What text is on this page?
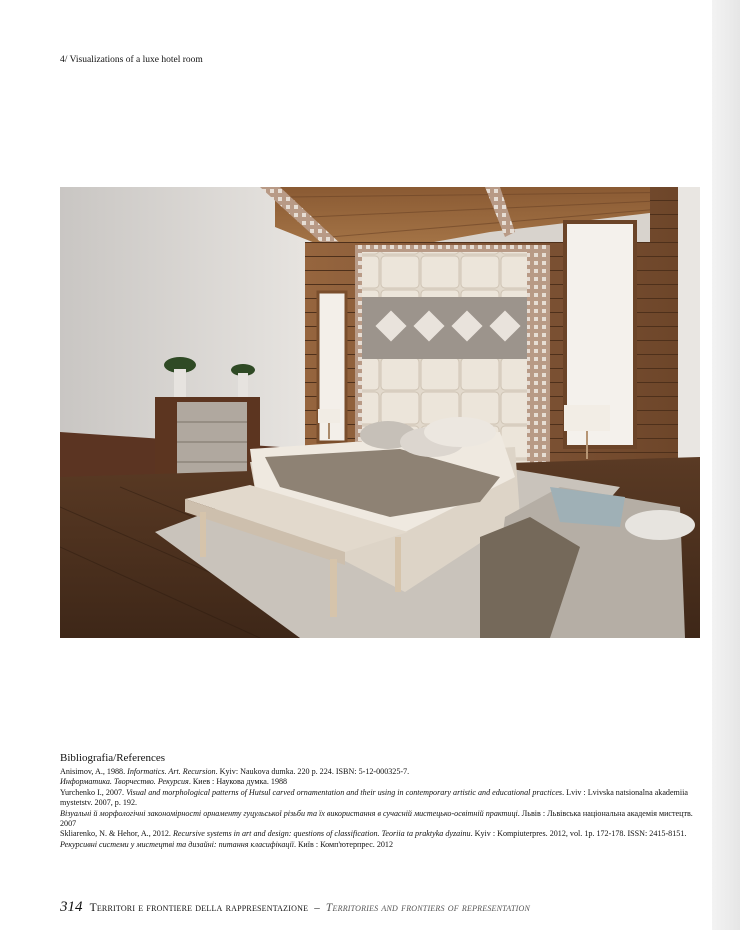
4/ Visualizations of a luxe hotel room
Bibliografia/References

Anisimov, A., 1988. Informatics. Art. Recursion. Kyiv: Naukova dumka. 220 p. 224. ISBN: 5-12-000325-7.

Информатика. Творчество. Рекурсия. Киев : Наукова думка. 1988

Yurchenko I., 2007. Visual and morphological patterns of Hutsul carved ornamentation and their using in contemporary artistic and educational practices. Lviv : Lvivska natsionalna akademiia mystetstv. 2007, p. 192.

Візуальні й морфологічні закономірності орнаменту гуцульської різьби та їх використання в сучасній мистецько-освітній практиці. Львів : Львівська національна академія мистецтв. 2007

Skliarenko, N. & Hehor, A., 2012. Recursive systems in art and design: questions of classification. Teoriia ta praktyka dyzainu. Kyiv : Kompiuterpres. 2012, vol. 1p. 172-178. ISSN: 2415-8151.

Рекурсивні системи у мистецтві та дизайні: питання класифікації. Київ : Комп'ютерпрес. 2012

314 Territori e frontiere della rappresentazione – Territories and frontiers of representation
